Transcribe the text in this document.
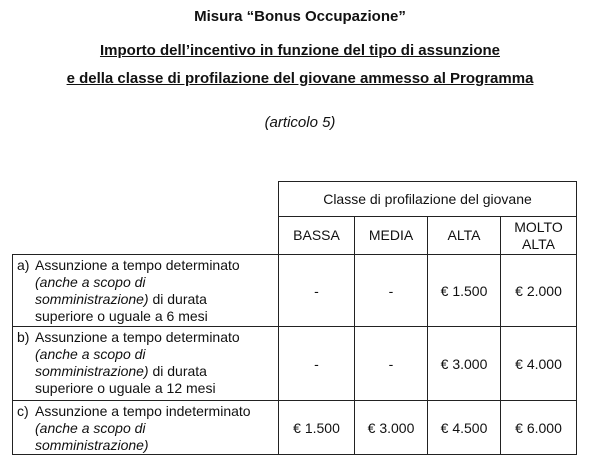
Misura “Bonus Occupazione”

Importo dell’incentivo in funzione del tipo di assunzione

e della classe di profilazione del giovane ammesso al Programma

(articolo 5)

	Classe di profilazione del giovane			
	BASSA	MEDIA	ALTA	MOLTO ALTA
a) Assunzione a tempo determinato (anche a scopo di somministrazione) di durata superiore o uguale a 6 mesi	-	-	€ 1.500	€ 2.000
b) Assunzione a tempo determinato (anche a scopo di somministrazione) di durata superiore o uguale a 12 mesi	-	-	€ 3.000	€ 4.000
c) Assunzione a tempo indeterminato (anche a scopo di somministrazione)	€ 1.500	€ 3.000	€ 4.500	€ 6.000
